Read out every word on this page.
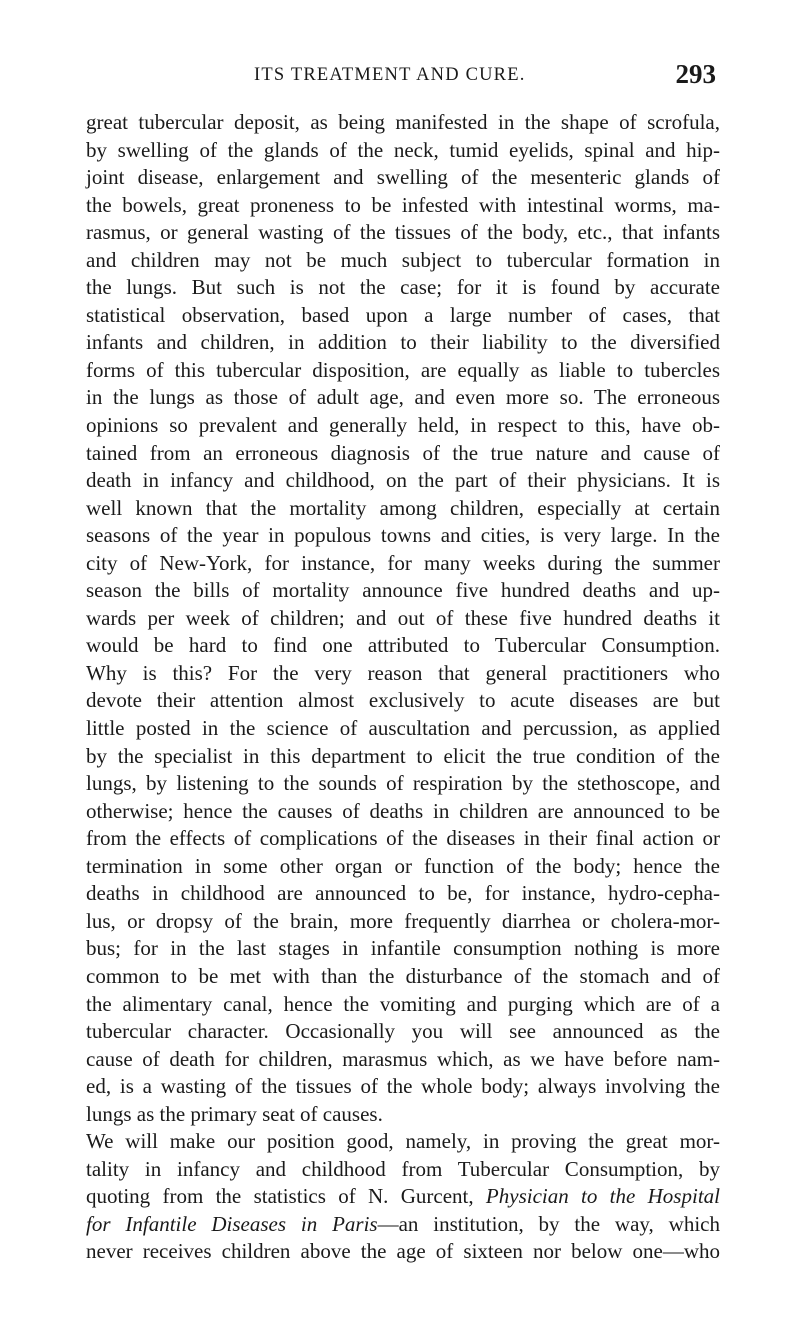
ITS TREATMENT AND CURE.	293
great tubercular deposit, as being manifested in the shape of scrofula,
by swelling of the glands of the neck, tumid eyelids, spinal and hip-
joint disease, enlargement and swelling of the mesenteric glands of
the bowels, great proneness to be infested with intestinal worms, ma-
rasmus, or general wasting of the tissues of the body, etc., that infants
and children may not be much subject to tubercular formation in
the lungs. But such is not the case; for it is found by accurate
statistical observation, based upon a large number of cases, that
infants and children, in addition to their liability to the diversified
forms of this tubercular disposition, are equally as liable to tubercles
in the lungs as those of adult age, and even more so. The erroneous
opinions so prevalent and generally held, in respect to this, have ob-
tained from an erroneous diagnosis of the true nature and cause of
death in infancy and childhood, on the part of their physicians. It is
well known that the mortality among children, especially at certain
seasons of the year in populous towns and cities, is very large. In the
city of New-York, for instance, for many weeks during the summer
season the bills of mortality announce five hundred deaths and up-
wards per week of children; and out of these five hundred deaths it
would be hard to find one attributed to Tubercular Consumption.
Why is this? For the very reason that general practitioners who
devote their attention almost exclusively to acute diseases are but
little posted in the science of auscultation and percussion, as applied
by the specialist in this department to elicit the true condition of the
lungs, by listening to the sounds of respiration by the stethoscope, and
otherwise; hence the causes of deaths in children are announced to be
from the effects of complications of the diseases in their final action or
termination in some other organ or function of the body; hence the
deaths in childhood are announced to be, for instance, hydro-cepha-
lus, or dropsy of the brain, more frequently diarrhea or cholera-mor-
bus; for in the last stages in infantile consumption nothing is more
common to be met with than the disturbance of the stomach and of
the alimentary canal, hence the vomiting and purging which are of a
tubercular character. Occasionally you will see announced as the
cause of death for children, marasmus which, as we have before nam-
ed, is a wasting of the tissues of the whole body; always involving the
lungs as the primary seat of causes.
We will make our position good, namely, in proving the great mor-
tality in infancy and childhood from Tubercular Consumption, by
quoting from the statistics of N. Gurcent, Physician to the Hospital
for Infantile Diseases in Paris—an institution, by the way, which
never receives children above the age of sixteen nor below one—who
